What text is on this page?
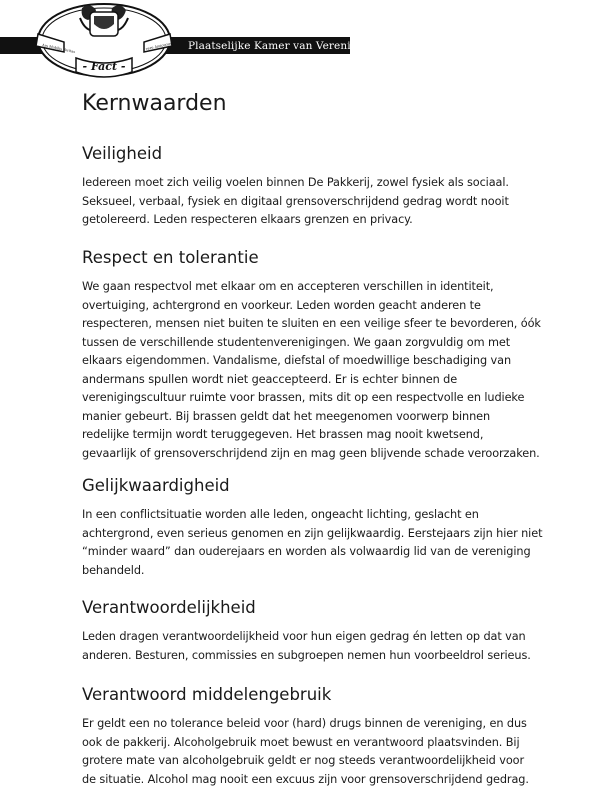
Plaatselijke Kamer van Verenigingen Fact
Ars Mobilis Veritas	vere Amicorum
- Fact -
Kernwaarden
Veiligheid

Iedereen moet zich veilig voelen binnen De Pakkerij, zowel fysiek als sociaal.
Seksueel, verbaal, fysiek en digitaal grensoverschrijdend gedrag wordt nooit
getolereerd. Leden respecteren elkaars grenzen en privacy.

Respect en tolerantie

We gaan respectvol met elkaar om en accepteren verschillen in identiteit,
overtuiging, achtergrond en voorkeur. Leden worden geacht anderen te
respecteren, mensen niet buiten te sluiten en een veilige sfeer te bevorderen, óók
tussen de verschillende studentenverenigingen. We gaan zorgvuldig om met
elkaars eigendommen. Vandalisme, diefstal of moedwillige beschadiging van
andermans spullen wordt niet geaccepteerd. Er is echter binnen de
verenigingscultuur ruimte voor brassen, mits dit op een respectvolle en ludieke
manier gebeurt. Bij brassen geldt dat het meegenomen voorwerp binnen
redelijke termijn wordt teruggegeven. Het brassen mag nooit kwetsend,
gevaarlijk of grensoverschrijdend zijn en mag geen blijvende schade veroorzaken.

Gelijkwaardigheid

In een conflictsituatie worden alle leden, ongeacht lichting, geslacht en
achtergrond, even serieus genomen en zijn gelijkwaardig. Eerstejaars zijn hier niet
“minder waard” dan ouderejaars en worden als volwaardig lid van de vereniging
behandeld.

Verantwoordelijkheid

Leden dragen verantwoordelijkheid voor hun eigen gedrag én letten op dat van
anderen. Besturen, commissies en subgroepen nemen hun voorbeeldrol serieus.

Verantwoord middelengebruik

Er geldt een no tolerance beleid voor (hard) drugs binnen de vereniging, en dus
ook de pakkerij. Alcoholgebruik moet bewust en verantwoord plaatsvinden. Bij
grotere mate van alcoholgebruik geldt er nog steeds verantwoordelijkheid voor
de situatie. Alcohol mag nooit een excuus zijn voor grensoverschrijdend gedrag.
